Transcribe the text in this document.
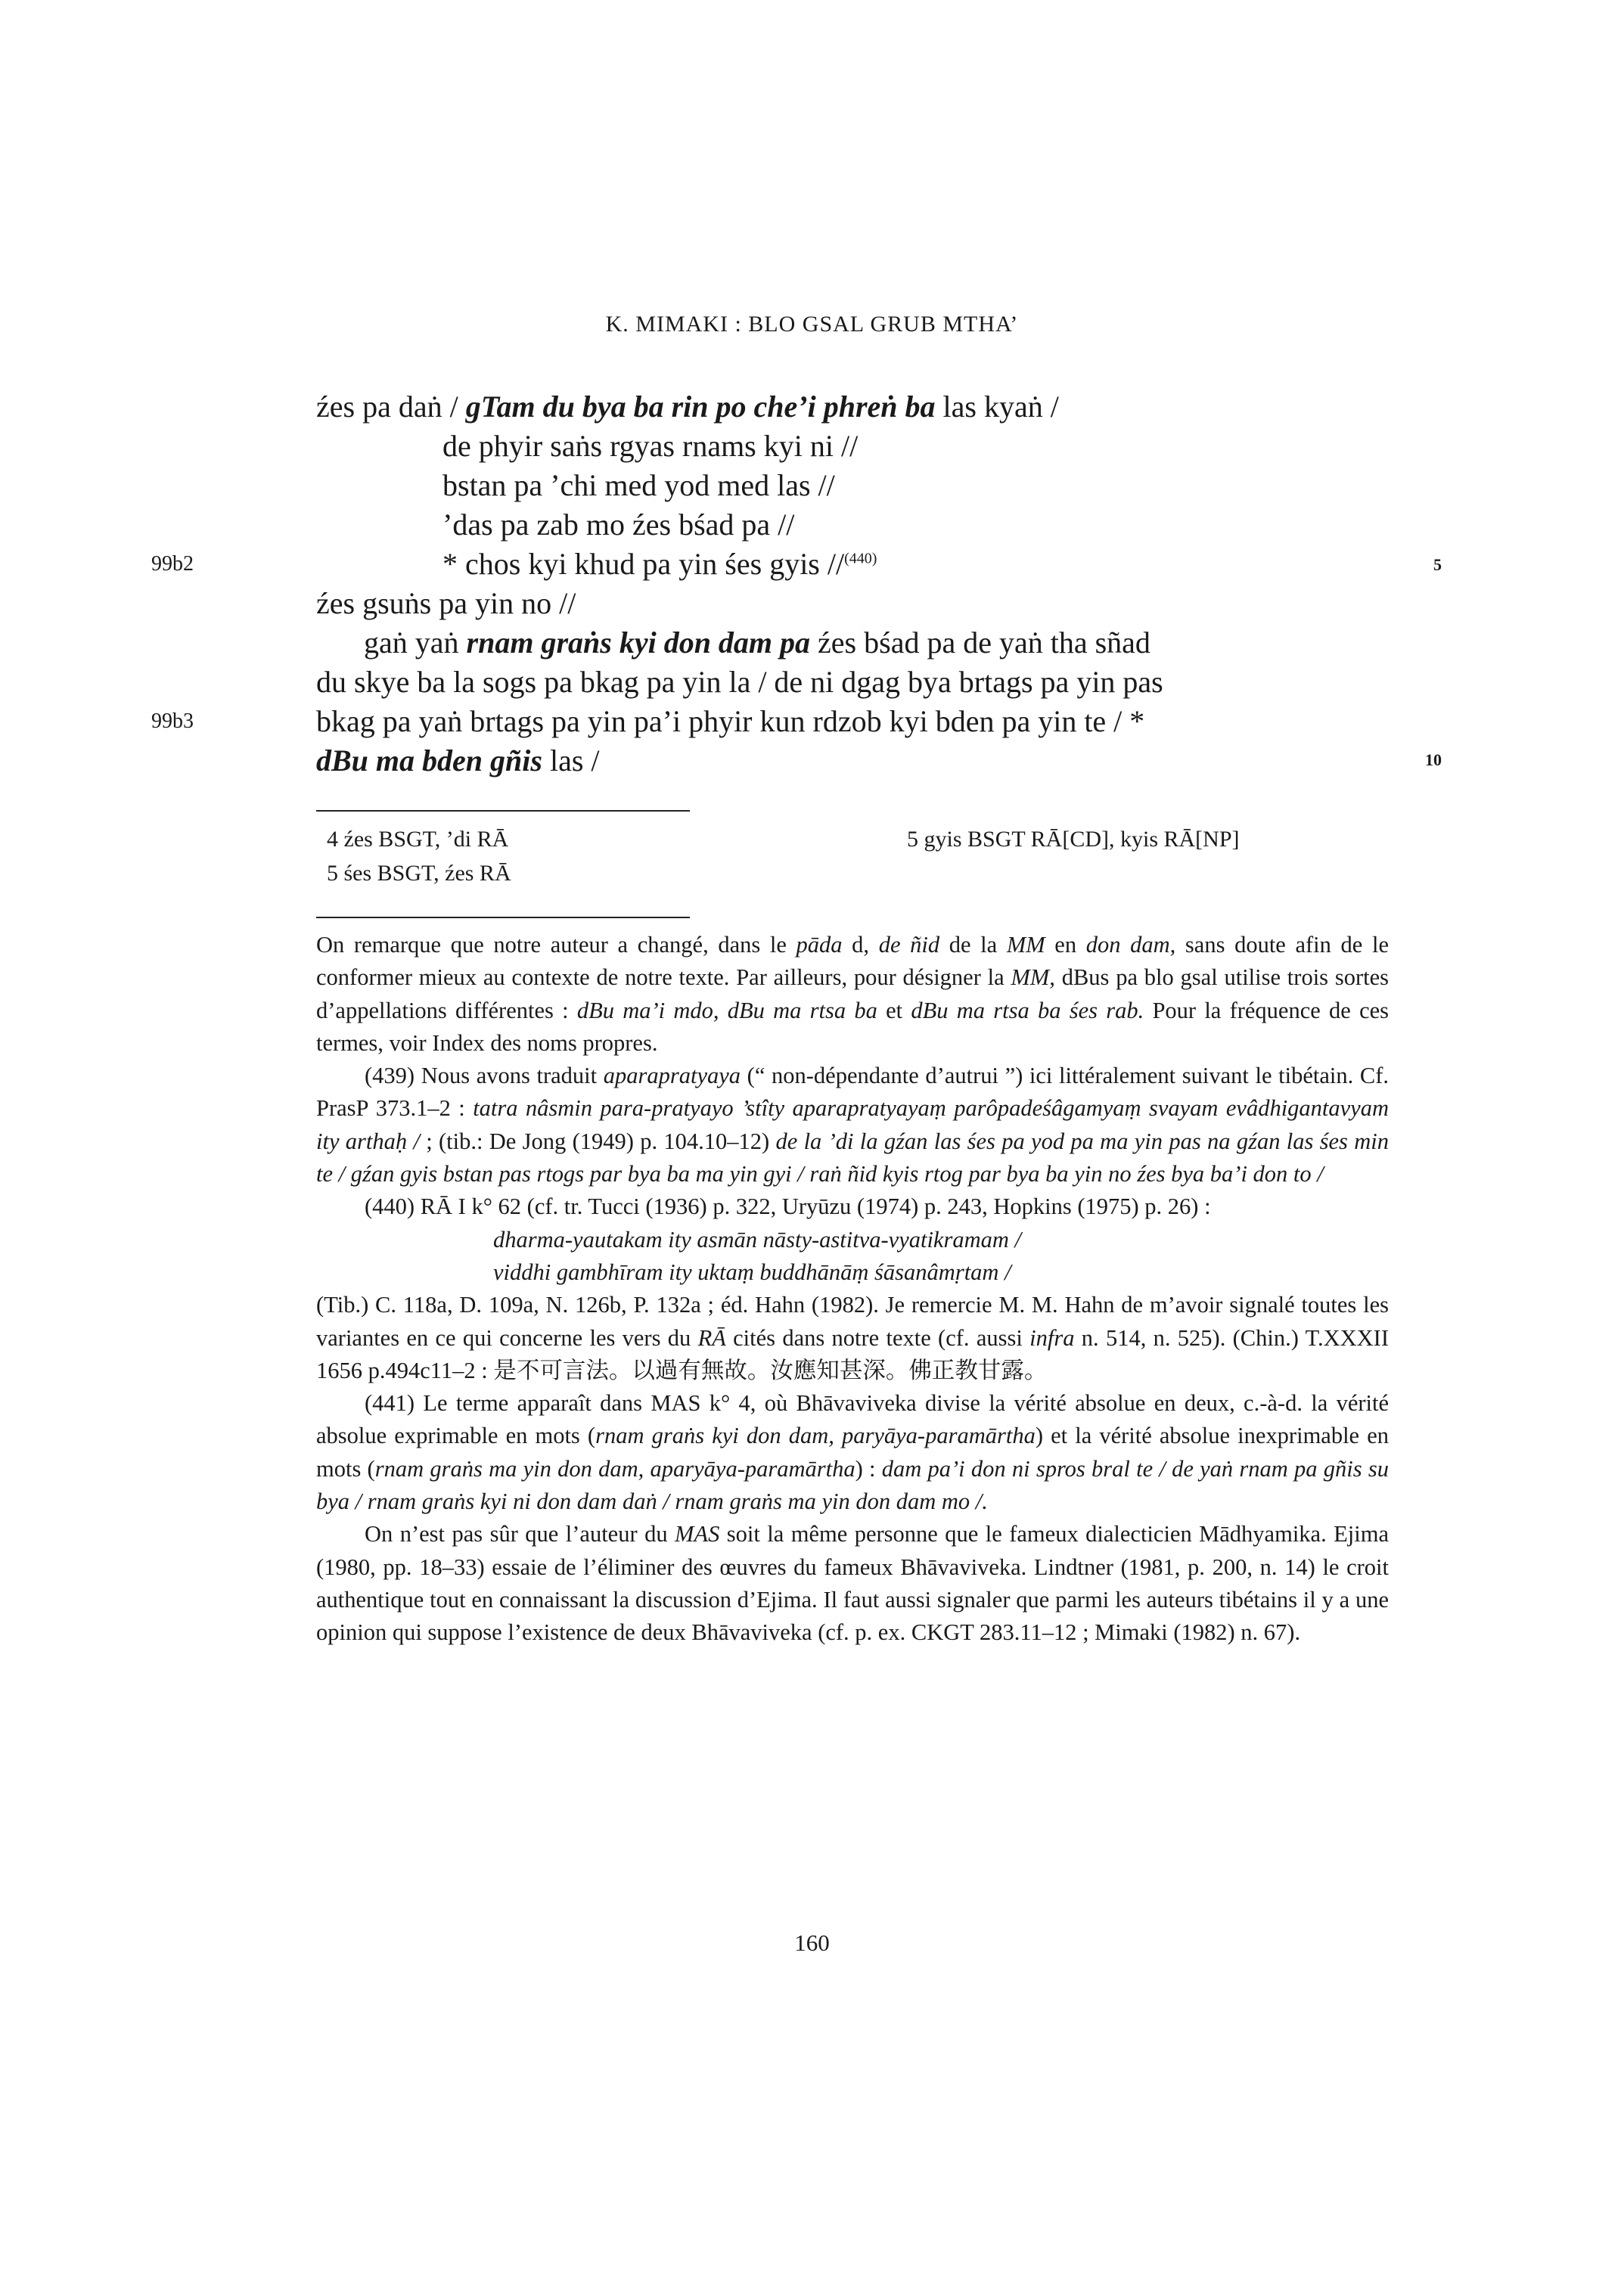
K. MIMAKI : BLO GSAL GRUB MTHA’
źes pa daṅ / gTam du bya ba rin po che’i phreṅ ba las kyaṅ /
de phyir saṅs rgyas rnams kyi ni //
bstan pa ’chi med yod med las //
’das pa zab mo źes bśad pa //
99b2	* chos kyi khud pa yin śes gyis //$^{(440)}$	5
źes gsuṅs pa yin no //
gaṅ yaṅ rnam graṅs kyi don dam pa źes bśad pa de yaṅ tha sñad
du skye ba la sogs pa bkag pa yin la / de ni dgag bya brtags pa yin pas
99b3	bkag pa yaṅ brtags pa yin pa’i phyir kun rdzob kyi bden pa yin te / *
dBu ma bden gñis las /	10
4 źes BSGT, ’di RĀ
5 śes BSGT, źes RĀ
5 gyis BSGT RĀ[CD], kyis RĀ[NP]

On remarque que notre auteur a changé, dans le pāda d, de ñid de la MM en don dam, sans doute afin de le conformer mieux au contexte de notre texte. Par ailleurs, pour désigner la MM, dBus pa blo gsal utilise trois sortes d’appellations différentes : dBu ma’i mdo, dBu ma rtsa ba et dBu ma rtsa ba śes rab. Pour la fréquence de ces termes, voir Index des noms propres.

(439) Nous avons traduit aparapratyaya (“ non-dépendante d’autrui ”) ici littéralement suivant le tibétain. Cf. PrasP 373.1–2 : tatra nâsmin para-pratyayo ’stîty aparapratyayaṃ parôpadeśâgamyaṃ svayam evâdhigantavyam ity arthaḥ / ; (tib.: De Jong (1949) p. 104.10–12) de la ’di la gźan las śes pa yod pa ma yin pas na gźan las śes min te / gźan gyis bstan pas rtogs par bya ba ma yin gyi / raṅ ñid kyis rtog par bya ba yin no źes bya ba’i don to /

(440) RĀ I k° 62 (cf. tr. Tucci (1936) p. 322, Uryūzu (1974) p. 243, Hopkins (1975) p. 26) :

dharma-yautakam ity asmān nāsty-astitva-vyatikramam /

viddhi gambhīram ity uktaṃ buddhānāṃ śāsanâmṛtam /

(Tib.) C. 118a, D. 109a, N. 126b, P. 132a ; éd. Hahn (1982). Je remercie M. M. Hahn de m’avoir signalé toutes les variantes en ce qui concerne les vers du RĀ cités dans notre texte (cf. aussi infra n. 514, n. 525). (Chin.) T.XXXII 1656 p.494c11–2 : 是不可言法。以過有無故。汝應知甚深。佛正教甘露。

(441) Le terme apparaît dans MAS k° 4, où Bhāvaviveka divise la vérité absolue en deux, c.-à-d. la vérité absolue exprimable en mots (rnam graṅs kyi don dam, paryāya-paramārtha) et la vérité absolue inexprimable en mots (rnam graṅs ma yin don dam, aparyāya-paramārtha) : dam pa’i don ni spros bral te / de yaṅ rnam pa gñis su bya / rnam graṅs kyi ni don dam daṅ / rnam graṅs ma yin don dam mo /.

On n’est pas sûr que l’auteur du MAS soit la même personne que le fameux dialecticien Mādhyamika. Ejima (1980, pp. 18–33) essaie de l’éliminer des œuvres du fameux Bhāvaviveka. Lindtner (1981, p. 200, n. 14) le croit authentique tout en connaissant la discussion d’Ejima. Il faut aussi signaler que parmi les auteurs tibétains il y a une opinion qui suppose l’existence de deux Bhāvaviveka (cf. p. ex. CKGT 283.11–12 ; Mimaki (1982) n. 67).

160
